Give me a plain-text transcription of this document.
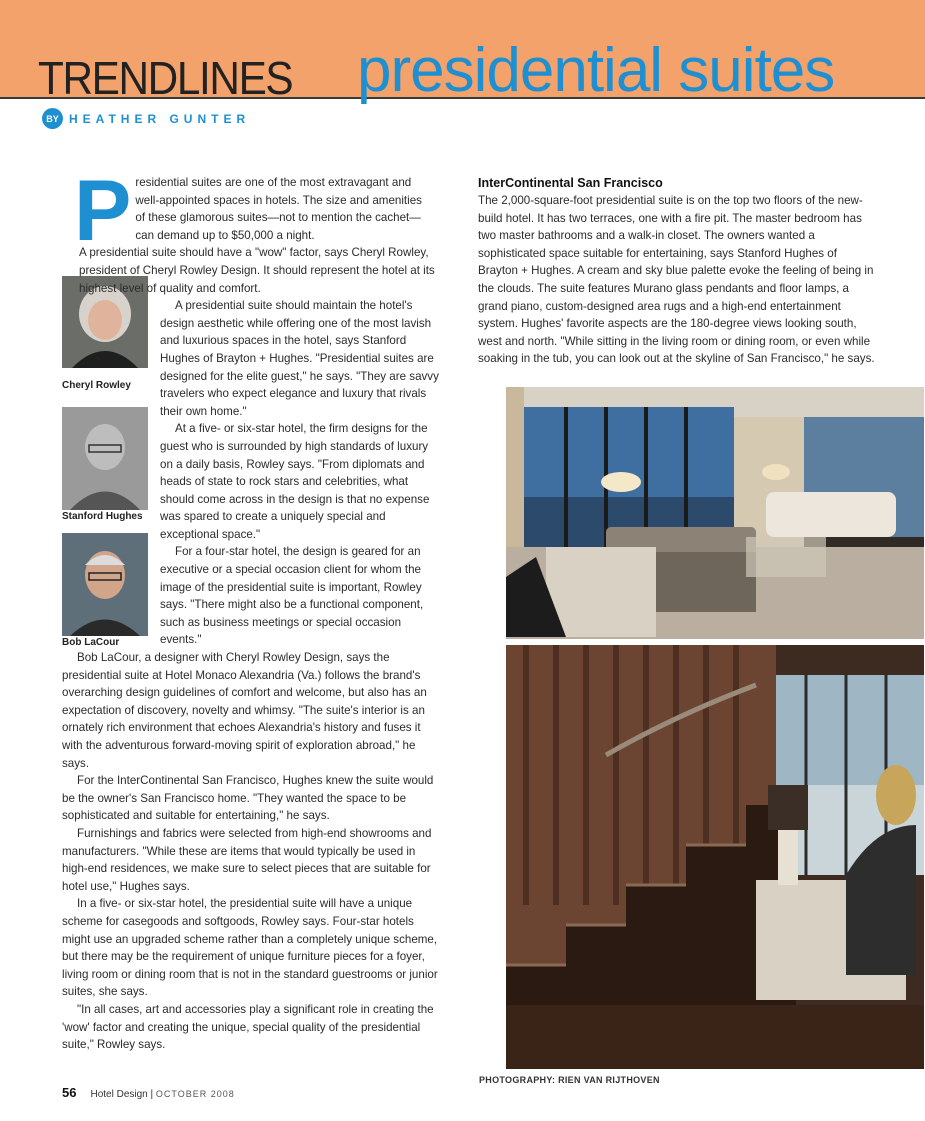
TRENDLINES presidential suites
BY HEATHER GUNTER
Cheryl Rowley
Stanford Hughes
Bob LaCour
P residential suites are one of the most extravagant and

well-appointed spaces in hotels. The size and amenities

of these glamorous suites—not to mention the cachet—

can demand up to $50,000 a night.

A presidential suite should have a "wow" factor, says Cheryl Rowley, president of Cheryl Rowley Design. It should represent the hotel at its highest level of quality and comfort.

A presidential suite should maintain the hotel's design aesthetic while offering one of the most lavish and luxurious spaces in the hotel, says Stanford Hughes of Brayton + Hughes. "Presidential suites are designed for the elite guest," he says. "They are savvy travelers who expect elegance and luxury that rivals their own home."

At a five- or six-star hotel, the firm designs for the guest who is surrounded by high standards of luxury on a daily basis, Rowley says. "From diplomats and heads of state to rock stars and celebrities, what should come across in the design is that no expense was spared to create a uniquely special and exceptional space."

For a four-star hotel, the design is geared for an executive or a special occasion client for whom the image of the presidential suite is important, Rowley says. "There might also be a functional component, such as business meetings or special occasion events."

Bob LaCour, a designer with Cheryl Rowley Design, says the presidential suite at Hotel Monaco Alexandria (Va.) follows the brand's overarching design guidelines of comfort and welcome, but also has an expectation of discovery, novelty and whimsy. "The suite's interior is an ornately rich environment that echoes Alexandria's history and fuses it with the adventurous forward-moving spirit of exploration abroad," he says.

For the InterContinental San Francisco, Hughes knew the suite would be the owner's San Francisco home. "They wanted the space to be sophisticated and suitable for entertaining," he says.

Furnishings and fabrics were selected from high-end showrooms and manufacturers. "While these are items that would typically be used in high-end residences, we make sure to select pieces that are suitable for hotel use," Hughes says.

In a five- or six-star hotel, the presidential suite will have a unique scheme for casegoods and softgoods, Rowley says. Four-star hotels might use an upgraded scheme rather than a completely unique scheme, but there may be the requirement of unique furniture pieces for a foyer, living room or dining room that is not in the standard guestrooms or junior suites, she says.

"In all cases, art and accessories play a significant role in creating the 'wow' factor and creating the unique, special quality of the presidential suite," Rowley says.

InterContinental San Francisco

The 2,000-square-foot presidential suite is on the top two floors of the new-build hotel. It has two terraces, one with a fire pit. The master bedroom has two master bathrooms and a walk-in closet. The owners wanted a sophisticated space suitable for entertaining, says Stanford Hughes of Brayton + Hughes. A cream and sky blue palette evoke the feeling of being in the clouds. The suite features Murano glass pendants and floor lamps, a grand piano, custom-designed area rugs and a high-end entertainment system. Hughes' favorite aspects are the 180-degree views looking south, west and north. "While sitting in the living room or dining room, or even while soaking in the tub, you can look out at the skyline of San Francisco," he says.

PHOTOGRAPHY: RIEN VAN RIJTHOVEN
56 Hotel Design | OCTOBER 2008
